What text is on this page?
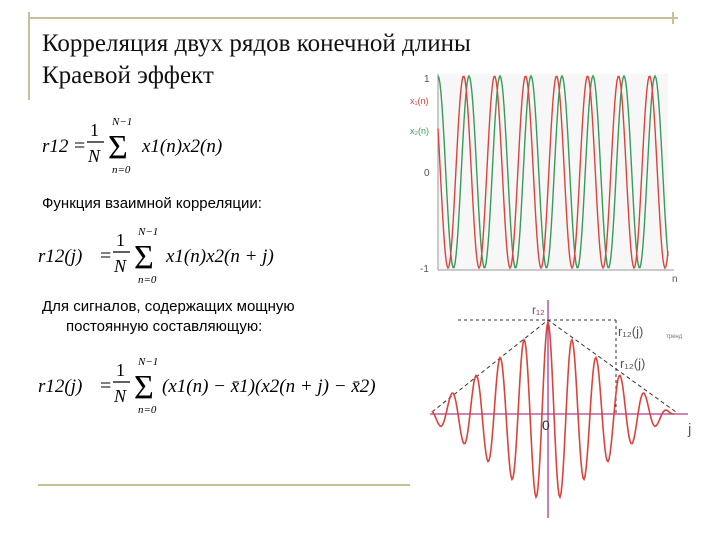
Корреляция двух рядов конечной длины
Краевой эффект
r12 =
1
N
N−1
Σ
n=0
x1(n)x2(n)
Функция взаимной корреляции:
r12(j) =
1
N
N−1
Σ
n=0
x1(n)x2(n + j)
Для сигналов, содержащих мощную
постоянную составляющую:
r12(j) =
1
N
N−1
Σ
n=0
(x1(n) − x̄1)(x2(n + j) − x̄2)
1
0
-1
x₁(n)
x₂(n)
n
r₁₂
j
0
r₁₂(j)	тренд
r₁₂(j)
